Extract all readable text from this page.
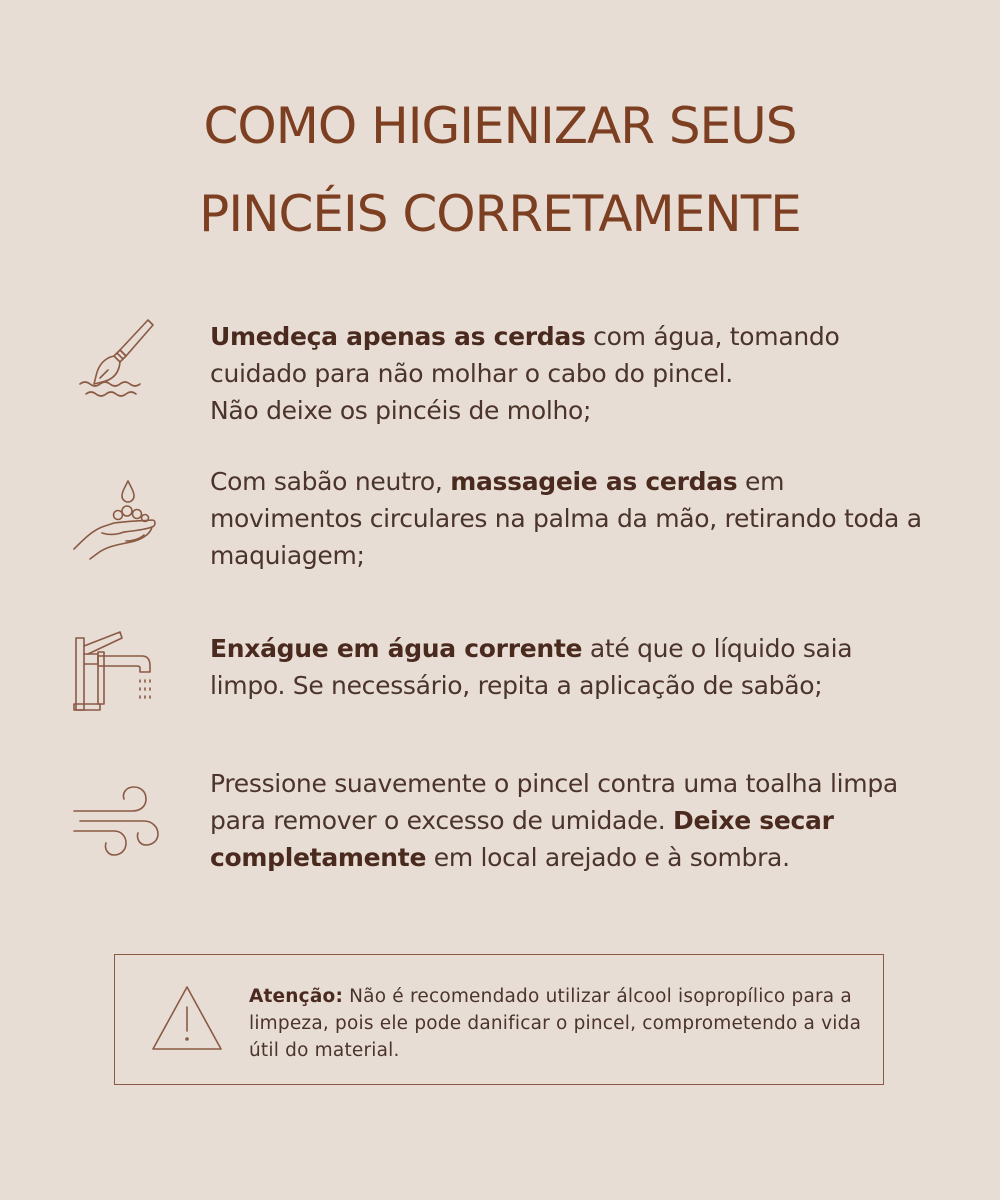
COMO HIGIENIZAR SEUS
PINCÉIS CORRETAMENTE

Umedeça apenas as cerdas com água, tomando cuidado para não molhar o cabo do pincel.

Não deixe os pincéis de molho;

Com sabão neutro, massageie as cerdas em movimentos circulares na palma da mão, retirando toda a maquiagem;

Enxágue em água corrente até que o líquido saia limpo. Se necessário, repita a aplicação de sabão;

Pressione suavemente o pincel contra uma toalha limpa para remover o excesso de umidade. Deixe secar completamente em local arejado e à sombra.

Atenção: Não é recomendado utilizar álcool isopropílico para a limpeza, pois ele pode danificar o pincel, comprometendo a vida útil do material.
